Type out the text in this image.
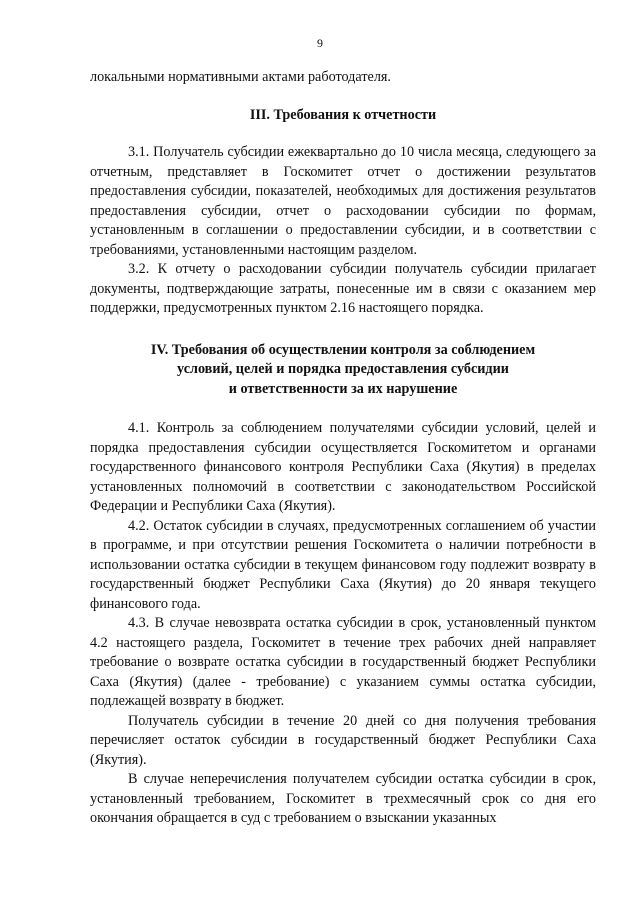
9

локальными нормативными актами работодателя.

III. Требования к отчетности

3.1. Получатель субсидии ежеквартально до 10 числа месяца, следующего за отчетным, представляет в Госкомитет отчет о достижении результатов предоставления субсидии, показателей, необходимых для достижения результатов предоставления субсидии, отчет о расходовании субсидии по формам, установленным в соглашении о предоставлении субсидии, и в соответствии с требованиями, установленными настоящим разделом.

3.2. К отчету о расходовании субсидии получатель субсидии прилагает документы, подтверждающие затраты, понесенные им в связи с оказанием мер поддержки, предусмотренных пунктом 2.16 настоящего порядка.

IV. Требования об осуществлении контроля за соблюдением
условий, целей и порядка предоставления субсидии
и ответственности за их нарушение

4.1. Контроль за соблюдением получателями субсидии условий, целей и порядка предоставления субсидии осуществляется Госкомитетом и органами государственного финансового контроля Республики Саха (Якутия) в пределах установленных полномочий в соответствии с законодательством Российской Федерации и Республики Саха (Якутия).

4.2. Остаток субсидии в случаях, предусмотренных соглашением об участии в программе, и при отсутствии решения Госкомитета о наличии потребности в использовании остатка субсидии в текущем финансовом году подлежит возврату в государственный бюджет Республики Саха (Якутия) до 20 января текущего финансового года.

4.3. В случае невозврата остатка субсидии в срок, установленный пунктом 4.2 настоящего раздела, Госкомитет в течение трех рабочих дней направляет требование о возврате остатка субсидии в государственный бюджет Республики Саха (Якутия) (далее - требование) с указанием суммы остатка субсидии, подлежащей возврату в бюджет.

Получатель субсидии в течение 20 дней со дня получения требования перечисляет остаток субсидии в государственный бюджет Республики Саха (Якутия).

В случае неперечисления получателем субсидии остатка субсидии в срок, установленный требованием, Госкомитет в трехмесячный срок со дня его окончания обращается в суд с требованием о взыскании указанных
